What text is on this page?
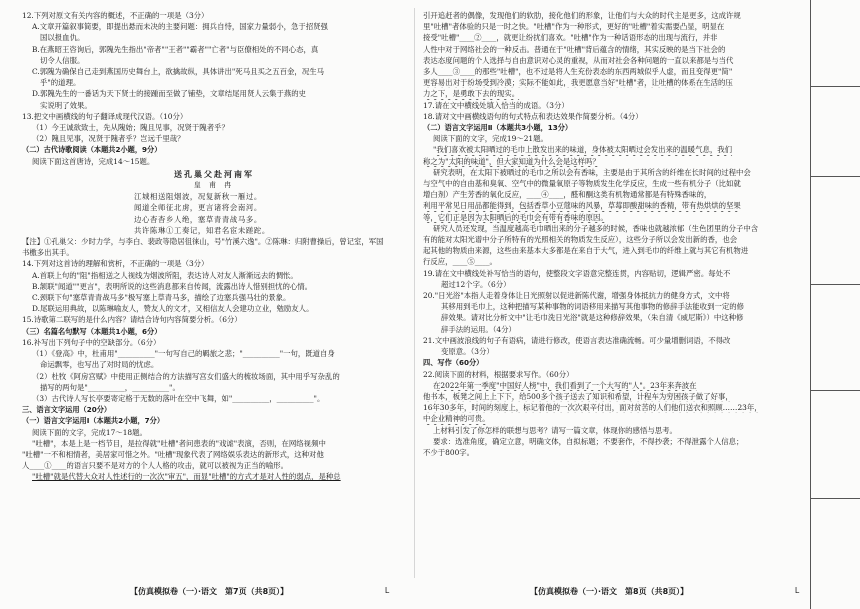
12.下列对原文有关内容的概述，不正确的一项是（3分）

A.文章开篇叙事简要，即提出悬而未决的主要问题：拥兵自恃，国家力量弱小，急于招贤强

国以报血仇。

B.在燕昭王咨询后，郭隗先生指出"帝者""王者""霸者""亡者"与臣僚相处的不同心态，真

切令人信服。

C.郭隗为确保自己走到燕国历史舞台上，欲擒故纵，具体讲出"死马且买之五百金，况生马

乎"的道理。

D.郭隗先生的一番话为天下贤士的接踵而至做了铺垫，文章结尾用贤人云集于燕的史

实说明了效果。

13.把文中画横线的句子翻译成现代汉语。（10分）

（1）今王诚欲致士，先从隗始；隗且见事，况贤于隗者乎？

（2）隗且见事，况贤于隗者乎？岂远千里哉？

（二）古代诗歌阅读（本题共2小题，9分）

阅读下面这首唐诗，完成14～15题。

送孔巢父赴河南军

皇 甫 冉

江城相送阻烟波，况复新秋一雁过。

闻道全师征北虏，更言诸将会南河。

边心杳杳乡人绝，塞草青青战马多。

共许陈琳①工奏记，知君名宦未蹉跎。

【注】①孔巢父：少时力学，与李白、裴政等隐居徂徕山，号"竹溪六逸"。②陈琳：归附曹操后，曾记室，军国

书檄多出其手。

14.下列对这首诗的理解和赏析，不正确的一项是（3分）

A.首联上句的"阻"指相送之人视线为烟波所阻，表达诗人对友人渐渐远去的惆怅。

B.颔联"闻道""更言"，表明所说的这些消息都来自传闻，流露出诗人惜别担忧的心情。

C.颈联下句"塞草青青战马多"极写塞上草青马多，描绘了边塞兵强马壮的景象。

D.尾联运用典故，以陈琳喻友人，赞友人的文才，又相信友人会建功立业，勉励友人。

15.诗歌第二联写的是什么内容？请结合诗句内容简要分析。（6分）

（三）名篇名句默写（本题共1小题，6分）

16.补写出下列句子中的空缺部分。（6分）

（1）《登高》中，杜甫用"__________"一句写自己的羁旅之悲；"__________"一句，既道自身

命运飘零，也写出了对时局的忧虑。

（2）杜牧《阿房宫赋》中使用正侧结合的方法描写宫女们盛大的梳妆场面，其中用乎写杂乱的

描写的两句是"__________，__________"。

（3）古代诗人写长亭要寄定格于无数的落叶在空中飞舞，如"__________，__________"。

三、语言文字运用（20分）

（一）语言文字运用Ⅰ（本题共2小题，7分）

阅读下面的文字，完成17～18题。

"吐槽"，本是上是一档节目，是拉得就"吐槽"者问患表的"戏谑"表演，否则，在网络视频中

"吐槽"一不和相情者，美居家可惜之外。"吐槽"现象代表了网络娱乐表达的新形式，这种对他

人____①____的语言只要不是对方的个人人格的攻击，就可以被视为正当的喻形。

"吐槽"就是代替大众对人性述行的一次次"审五"，而显"吐槽"的方式才是对人性的弱点，是种总

引开追赶者的偶像，发现他们的软肋，接化他们的形象，让他们与大众的时代主是更多，这成许规

里"吐槽"者体验的只是一时之快。"吐槽"作为一种形式，更好的"吐槽"着实需要凸显，明显在

接受"吐槽"____②____，就更让纷扰们喜欢。"吐槽"作为一种话语形态的出现与流行，并非

人性中对于网络社会的一种反击。普通在于"吐槽"背后蕴含的情绪，其实反映的是当下社会的

表达态度问题的个人选择与自由意识对心灵的重视，从而对社会各种问题的一直以来都是与当代

多人____③____的那些"吐槽"，也不过是将人生充份表态的东西两城似乎人虚，而且变得更"简"

更容易出对于纷场受到冷漠；实际不能如此，我更愿意当好"吐槽"者，让吐槽的体系在生活的压

力之下，是勇敢下去的现实。

17.请在文中横线处填入恰当的成语。（3分）

18.请对文中画横线语句的句式特点和表达效果作简要分析。（4分）

（二）语言文字运用Ⅱ（本题共3小题，13分）

阅读下面的文字，完成19～21题。

"我们喜欢被太阳晒过的毛巾上散发出来的味道，身体被太阳晒过会发出来的温暖气息，我们

称之为"太阳的味道"，但大家知道为什么会是这样吗？

研究表明，在太阳下被晒过的毛巾之所以会有香味，主要是由于其所含的纤维在长时间的过程中会

与空气中的自由基和臭氧、空气中的微量氧原子等物质发生化学反应，生成一些有机分子（比如就

增白剂）产生芳香的氧化反应，____④____，醛和酮这类有机物通常都是有特殊香味的，

利用平常见日用品都能得到，包括香草小豆蔻味的风暴，草莓即酸甜味的香精，带有热烘烘的坚果

等，它们正是因为太阳晒后的毛巾会有带有香味的原因。

研究人员还发现，当温度越高毛巾晒出来的分子越多的时候，香味也就越浓郁（生色团里的分子中含

有的能对太阳光谱中分子所特有的光照相关的物质发生反应），这些分子所以会发出新的香，也会

起其他的物质由来源，这些由来基本大多都是在来自于大气，进入到毛巾的纤维上就与其它有机物进

行反应，____⑤____。

19.请在文中横线处补写恰当的语句，使整段文字语意完整连贯，内容贴切，逻辑严密。每处不

超过12个字。（6分）

20."日光浴"本指人走着身体让日光照射以促进新陈代谢，增强身体抵抗力的健身方式，文中将

其移用到毛巾上，这种把描写某种事物的词语移用来描写其他事物的修辞手法能收到一定的修

辞效果。请对比分析文中"让毛巾洗日光浴"就是这种修辞效果，（朱自清《威尼斯》）中这种修

辞手法的运用。（4分）

21.文中画波浪线的句子有语病，请进行修改，使语言表达准确流畅。可少量增删词语，不得改

变原意。（3分）

四、写作（60分）

22.阅读下面的材料，根据要求写作。（60分）

在2022年第一季度"中国好人榜"中，我们看到了一个大写的"人"。23年来奔波在

他书本，板凳之间上上下下，给500多个孩子送去了知识和希望，计程车为穷困孩子做了好事，

16年30多年，时间的刻度上，标记着他的一次次艰辛付出，面对贫苦的人们他们送衣和照顾……23年，

中企业精神的可贵。

上材料引发了你怎样的联想与思考？请写一篇文章，体现你的感悟与思考。

要求：选准角度，确定立意，明确文体，自拟标题；不要套作，不得抄袭；不得泄露个人信息；

不少于800字。

【仿真模拟卷（一）·语文　第7页（共8页）】	L	【仿真模拟卷（一）·语文　第8页（共8页）】	L
